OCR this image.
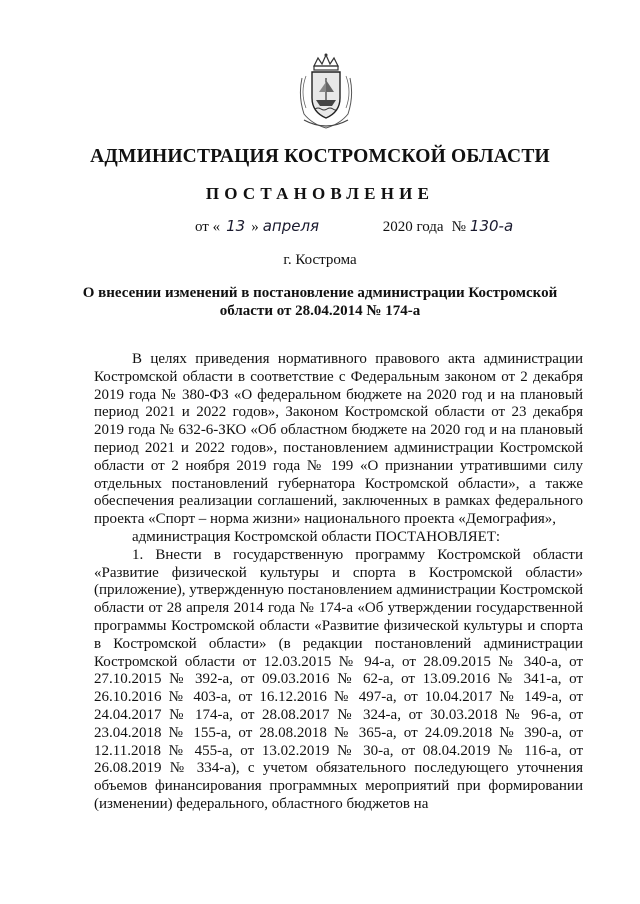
АДМИНИСТРАЦИЯ КОСТРОМСКОЙ ОБЛАСТИ
ПОСТАНОВЛЕНИЕ
от « 13 » апреля	2020 года № 130-а
г. Кострома
О внесении изменений в постановление администрации Костромской области от 28.04.2014 № 174-а

В целях приведения нормативного правового акта администрации Костромской области в соответствие с Федеральным законом от 2 декабря 2019 года № 380-ФЗ «О федеральном бюджете на 2020 год и на плановый период 2021 и 2022 годов», Законом Костромской области от 23 декабря 2019 года № 632-6-ЗКО «Об областном бюджете на 2020 год и на плановый период 2021 и 2022 годов», постановлением администрации Костромской области от 2 ноября 2019 года № 199 «О признании утратившими силу отдельных постановлений губернатора Костромской области», а также обеспечения реализации соглашений, заключенных в рамках федерального проекта «Спорт – норма жизни» национального проекта «Демография»,

администрация Костромской области ПОСТАНОВЛЯЕТ:

1. Внести в государственную программу Костромской области «Развитие физической культуры и спорта в Костромской области» (приложение), утвержденную постановлением администрации Костромской области от 28 апреля 2014 года № 174-а «Об утверждении государственной программы Костромской области «Развитие физической культуры и спорта в Костромской области» (в редакции постановлений администрации Костромской области от 12.03.2015 № 94-а, от 28.09.2015 № 340-а, от 27.10.2015 № 392-а, от 09.03.2016 № 62-а, от 13.09.2016 № 341-а, от 26.10.2016 № 403-а, от 16.12.2016 № 497-а, от 10.04.2017 № 149-а, от 24.04.2017 № 174-а, от 28.08.2017 № 324-а, от 30.03.2018 № 96-а, от 23.04.2018 № 155-а, от 28.08.2018 № 365-а, от 24.09.2018 № 390-а, от 12.11.2018 № 455-а, от 13.02.2019 № 30-а, от 08.04.2019 № 116-а, от 26.08.2019 № 334-а), с учетом обязательного последующего уточнения объемов финансирования программных мероприятий при формировании (изменении) федерального, областного бюджетов на
